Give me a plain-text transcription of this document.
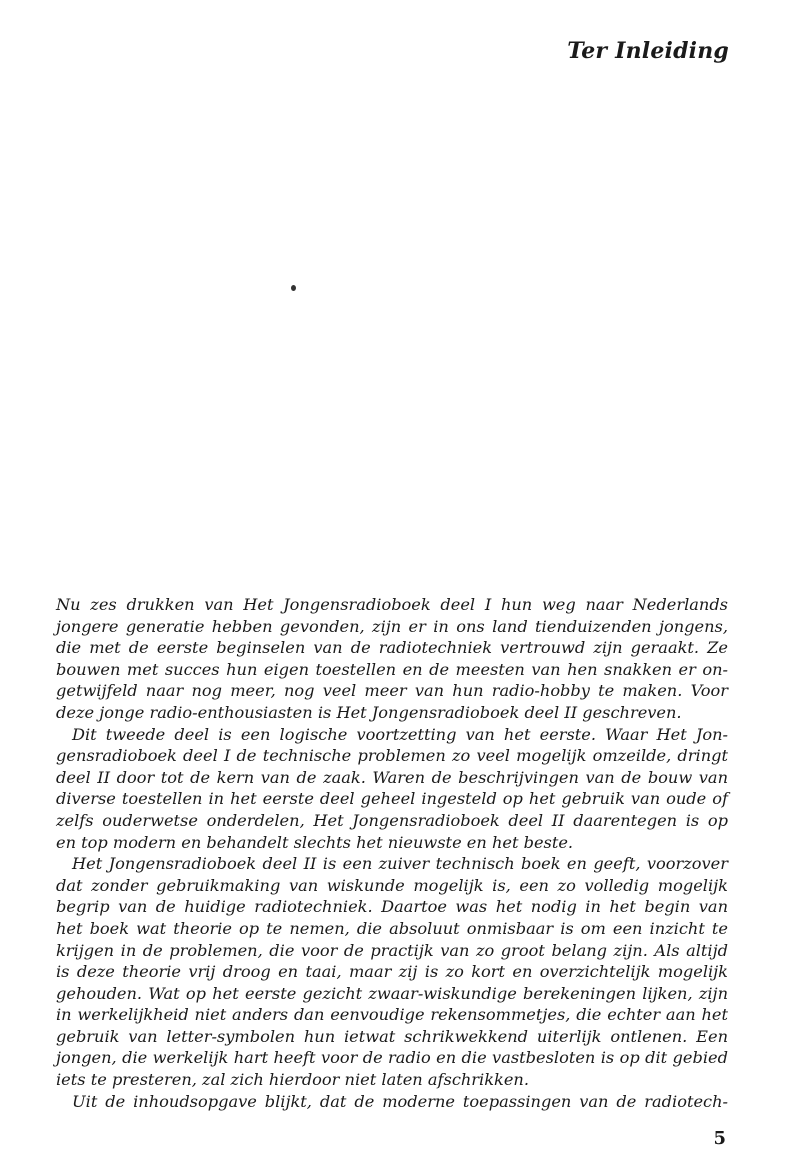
Ter Inleiding
Nu zes drukken van Het Jongensradioboek deel I hun weg naar Nederlands
jongere generatie hebben gevonden, zijn er in ons land tienduizenden jongens,
die met de eerste beginselen van de radiotechniek vertrouwd zijn geraakt. Ze
bouwen met succes hun eigen toestellen en de meesten van hen snakken er on-
getwijfeld naar nog meer, nog veel meer van hun radio-hobby te maken. Voor
deze jonge radio-enthousiasten is Het Jongensradioboek deel II geschreven.
Dit tweede deel is een logische voortzetting van het eerste. Waar Het Jon-
gensradioboek deel I de technische problemen zo veel mogelijk omzeilde, dringt
deel II door tot de kern van de zaak. Waren de beschrijvingen van de bouw van
diverse toestellen in het eerste deel geheel ingesteld op het gebruik van oude of
zelfs ouderwetse onderdelen, Het Jongensradioboek deel II daarentegen is op
en top modern en behandelt slechts het nieuwste en het beste.
Het Jongensradioboek deel II is een zuiver technisch boek en geeft, voorzover
dat zonder gebruikmaking van wiskunde mogelijk is, een zo volledig mogelijk
begrip van de huidige radiotechniek. Daartoe was het nodig in het begin van
het boek wat theorie op te nemen, die absoluut onmisbaar is om een inzicht te
krijgen in de problemen, die voor de practijk van zo groot belang zijn. Als altijd
is deze theorie vrij droog en taai, maar zij is zo kort en overzichtelijk mogelijk
gehouden. Wat op het eerste gezicht zwaar-wiskundige berekeningen lijken, zijn
in werkelijkheid niet anders dan eenvoudige rekensommetjes, die echter aan het
gebruik van letter-symbolen hun ietwat schrikwekkend uiterlijk ontlenen. Een
jongen, die werkelijk hart heeft voor de radio en die vastbesloten is op dit gebied
iets te presteren, zal zich hierdoor niet laten afschrikken.
Uit de inhoudsopgave blijkt, dat de moderne toepassingen van de radiotech-

5
